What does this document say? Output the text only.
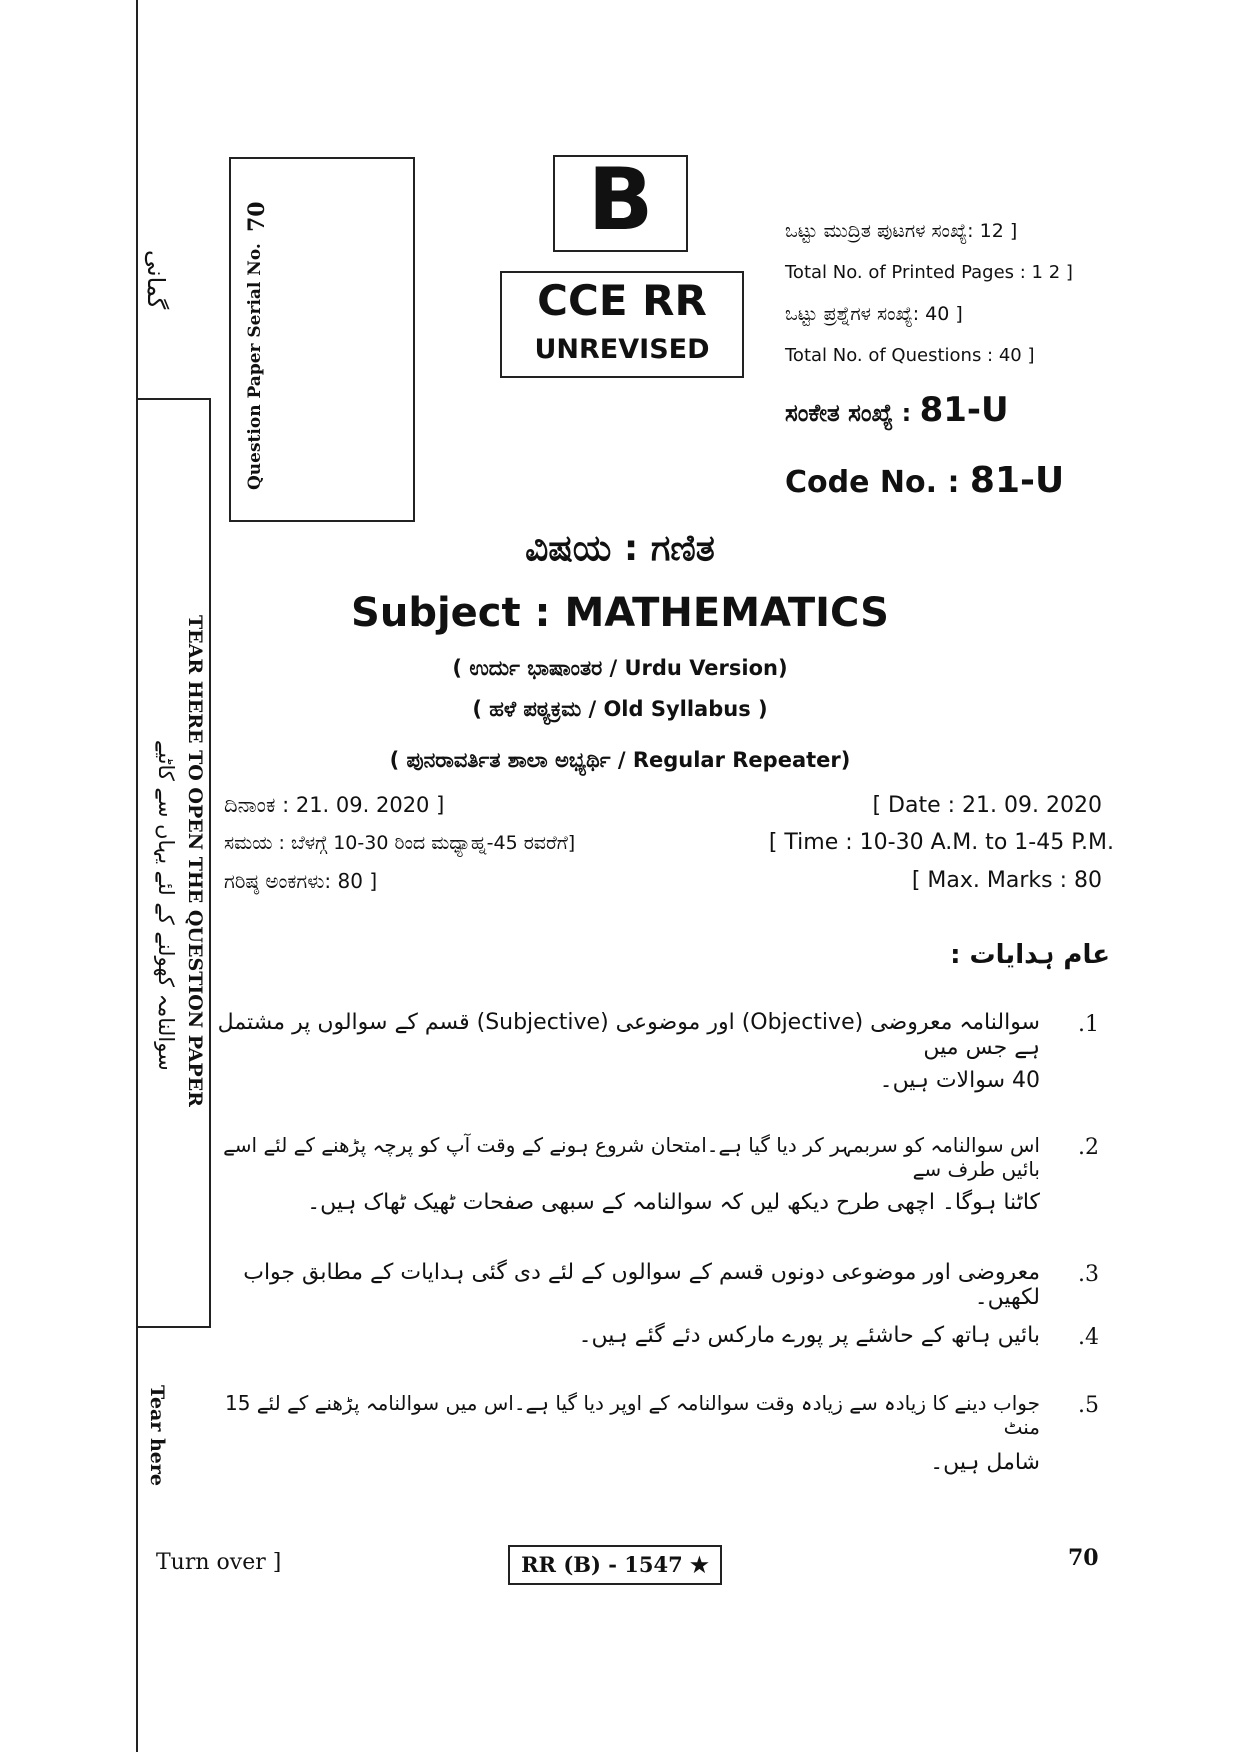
گمانی	Question Paper Serial No.
70
TEAR HERE TO OPEN THE QUESTION PAPER
سوالنامہ کھولنے کے لئے یہاں سے کاٹیے
Tear here
B
CCE RR
UNREVISED
ಒಟ್ಟು ಮುದ್ರಿತ ಪುಟಗಳ ಸಂಖ್ಯೆ: 12 ]
Total No. of Printed Pages : 1 2 ]
ಒಟ್ಟು ಪ್ರಶ್ನೆಗಳ ಸಂಖ್ಯೆ: 40 ]
Total No. of Questions : 40 ]
ಸಂಕೇತ ಸಂಖ್ಯೆ : 81-U
Code No. : 81-U
ವಿಷಯ : ಗಣಿತ
Subject : MATHEMATICS
( ಉರ್ದು ಭಾಷಾಂತರ / Urdu Version)
( ಹಳೆ ಪಠ್ಯಕ್ರಮ / Old Syllabus )
( ಪುನರಾವರ್ತಿತ ಶಾಲಾ ಅಭ್ಯರ್ಥಿ / Regular Repeater)
ದಿನಾಂಕ : 21. 09. 2020 ]	[ Date : 21. 09. 2020
ಸಮಯ : ಬೆಳಗ್ಗೆ 10-30 ರಿಂದ ಮಧ್ಯಾಹ್ನ-45 ರವರೆಗೆ]	[ Time : 10-30 A.M. to 1-45 P.M.
ಗರಿಷ್ಠ ಅಂಕಗಳು: 80 ]	[ Max. Marks : 80
عام ہدایات :
.1
سوالنامہ معروضی (Objective) اور موضوعی (Subjective) قسم کے سوالوں پر مشتمل ہے جس میں
40 سوالات ہیں۔
.2
اس سوالنامہ کو سربمہر کر دیا گیا ہے۔امتحان شروع ہونے کے وقت آپ کو پرچہ پڑھنے کے لئے اسے بائیں طرف سے
کاٹنا ہوگا۔ اچھی طرح دیکھ لیں کہ سوالنامہ کے سبھی صفحات ٹھیک ٹھاک ہیں۔
.3
معروضی اور موضوعی دونوں قسم کے سوالوں کے لئے دی گئی ہدایات کے مطابق جواب لکھیں۔
.4
بائیں ہاتھ کے حاشئے پر پورے مارکس دئے گئے ہیں۔
.5
جواب دینے کا زیادہ سے زیادہ وقت سوالنامہ کے اوپر دیا گیا ہے۔اس میں سوالنامہ پڑھنے کے لئے 15 منٹ
شامل ہیں۔
Turn over ]	RR (B) - 1547 ★	70
